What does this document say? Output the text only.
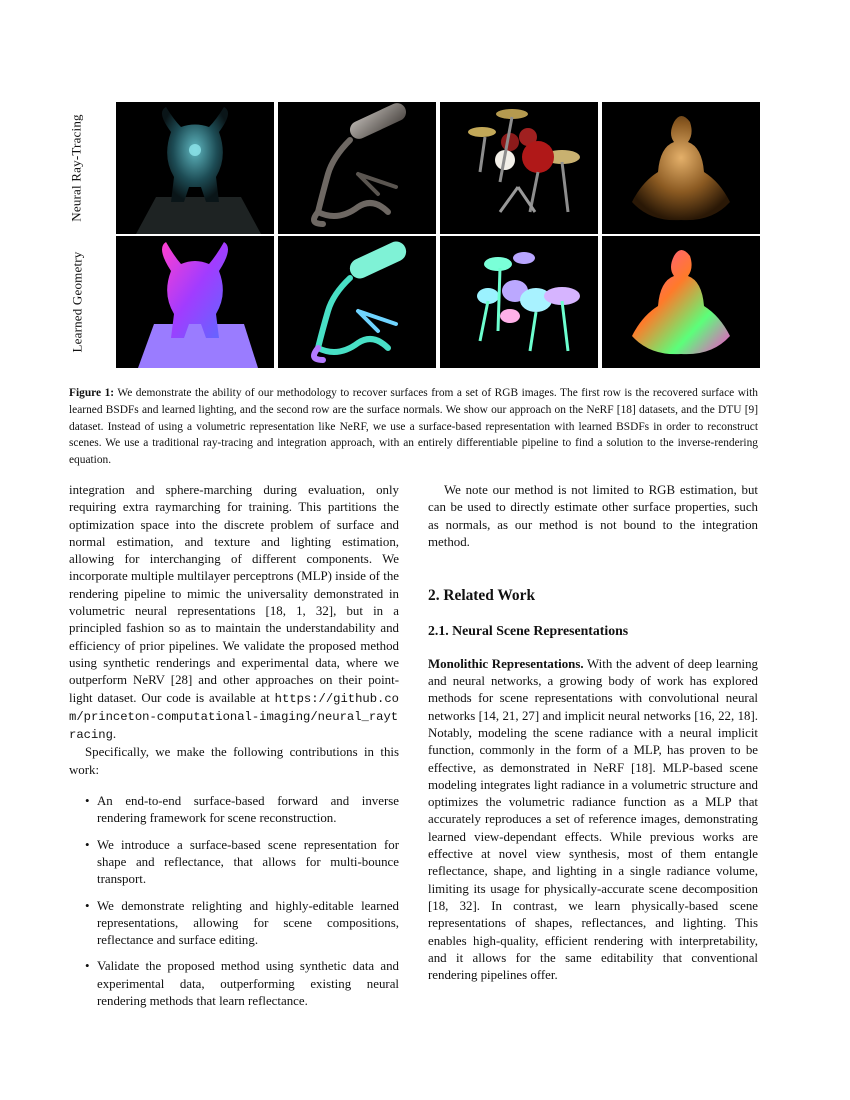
Neural Ray-Tracing
Learned Geometry
Figure 1: We demonstrate the ability of our methodology to recover surfaces from a set of RGB images. The first row is the recovered surface with learned BSDFs and learned lighting, and the second row are the surface normals. We show our approach on the NeRF [18] datasets, and the DTU [9] dataset. Instead of using a volumetric representation like NeRF, we use a surface-based representation with learned BSDFs in order to reconstruct scenes. We use a traditional ray-tracing and integration approach, with an entirely differentiable pipeline to find a solution to the inverse-rendering equation.

integration and sphere-marching during evaluation, only requiring extra raymarching for training. This partitions the optimization space into the discrete problem of surface and normal estimation, and texture and lighting estimation, allowing for interchanging of different components. We incorporate multiple multilayer perceptrons (MLP) inside of the rendering pipeline to mimic the universality demonstrated in volumetric neural representations [18, 1, 32], but in a principled fashion so as to maintain the understandability and efficiency of prior pipelines. We validate the proposed method using synthetic renderings and experimental data, where we outperform NeRV [28] and other approaches on their point-light dataset. Our code is available at https://github.com/princeton-computational-imaging/neural_raytracing.

Specifically, we make the following contributions in this work:

• An end-to-end surface-based forward and inverse rendering framework for scene reconstruction.
• We introduce a surface-based scene representation for shape and reflectance, that allows for multi-bounce transport.
• We demonstrate relighting and highly-editable learned representations, allowing for scene compositions, reflectance and surface editing.
• Validate the proposed method using synthetic data and experimental data, outperforming existing neural rendering methods that learn reflectance.

We note our method is not limited to RGB estimation, but can be used to directly estimate other surface properties, such as normals, as our method is not bound to the integration method.

2. Related Work
2.1. Neural Scene Representations

Monolithic Representations. With the advent of deep learning and neural networks, a growing body of work has explored methods for scene representations with convolutional neural networks [14, 21, 27] and implicit neural networks [16, 22, 18]. Notably, modeling the scene radiance with a neural implicit function, commonly in the form of a MLP, has proven to be effective, as demonstrated in NeRF [18]. MLP-based scene modeling integrates light radiance in a volumetric structure and optimizes the volumetric radiance function as a MLP that accurately reproduces a set of reference images, demonstrating learned view-dependant effects. While previous works are effective at novel view synthesis, most of them entangle reflectance, shape, and lighting in a single radiance volume, limiting its usage for physically-accurate scene decomposition [18, 32]. In contrast, we learn physically-based scene representations of shapes, reflectances, and lighting. This enables high-quality, efficient rendering with interpretability, and it allows for the same editability that conventional rendering pipelines offer.
